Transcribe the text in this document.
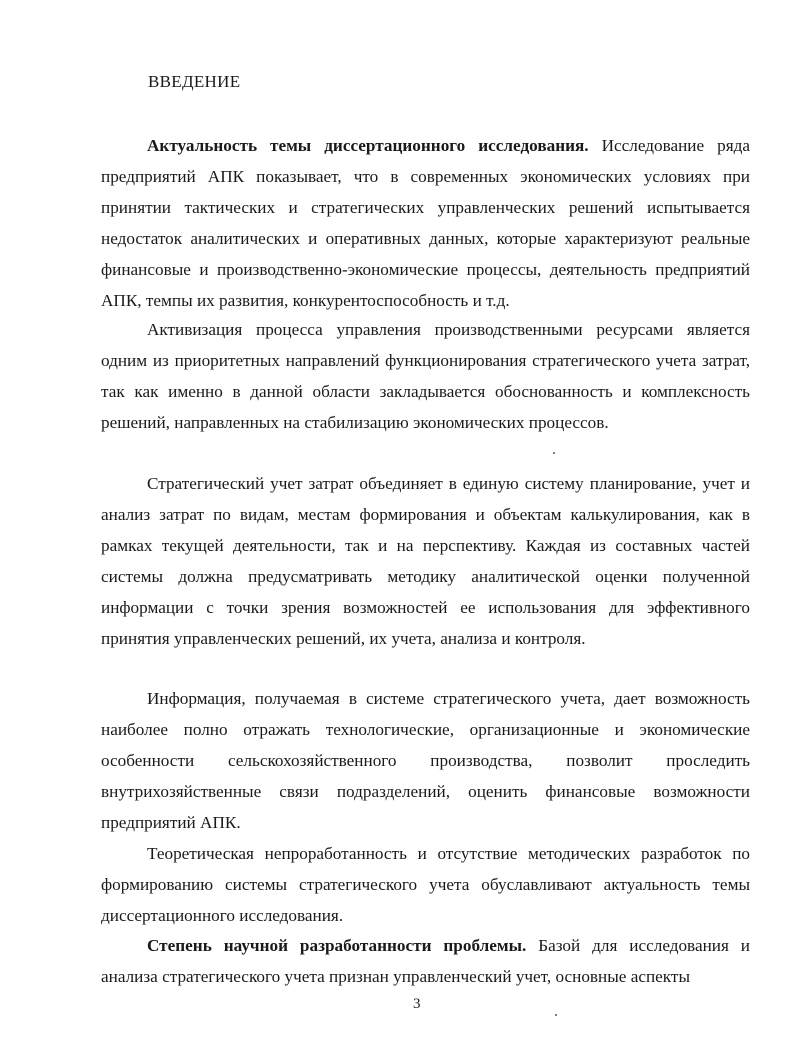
ВВЕДЕНИЕ

Актуальность темы диссертационного исследования. Исследование ряда предприятий АПК показывает, что в современных экономических условиях при принятии тактических и стратегических управленческих решений испытывается недостаток аналитических и оперативных данных, которые характеризуют реальные финансовые и производственно-экономические процессы, деятельность предприятий АПК, темпы их развития, конкурентоспособность и т.д.

Активизация процесса управления производственными ресурсами является одним из приоритетных направлений функционирования стратегического учета затрат, так как именно в данной области закладывается обоснованность и комплексность решений, направленных на стабилизацию экономических процессов.

Стратегический учет затрат объединяет в единую систему планирование, учет и анализ затрат по видам, местам формирования и объектам калькулирования, как в рамках текущей деятельности, так и на перспективу. Каждая из составных частей системы должна предусматривать методику аналитической оценки полученной информации с точки зрения возможностей ее использования для эффективного принятия управленческих решений, их учета, анализа и контроля.

Информация, получаемая в системе стратегического учета, дает возможность наиболее полно отражать технологические, организационные и экономические особенности сельскохозяйственного производства, позволит проследить внутрихозяйственные связи подразделений, оценить финансовые возможности предприятий АПК.

Теоретическая непроработанность и отсутствие методических разработок по формированию системы стратегического учета обуславливают актуальность темы диссертационного исследования.

Степень научной разработанности проблемы. Базой для исследования и анализа стратегического учета признан управленческий учет, основные аспекты

3
